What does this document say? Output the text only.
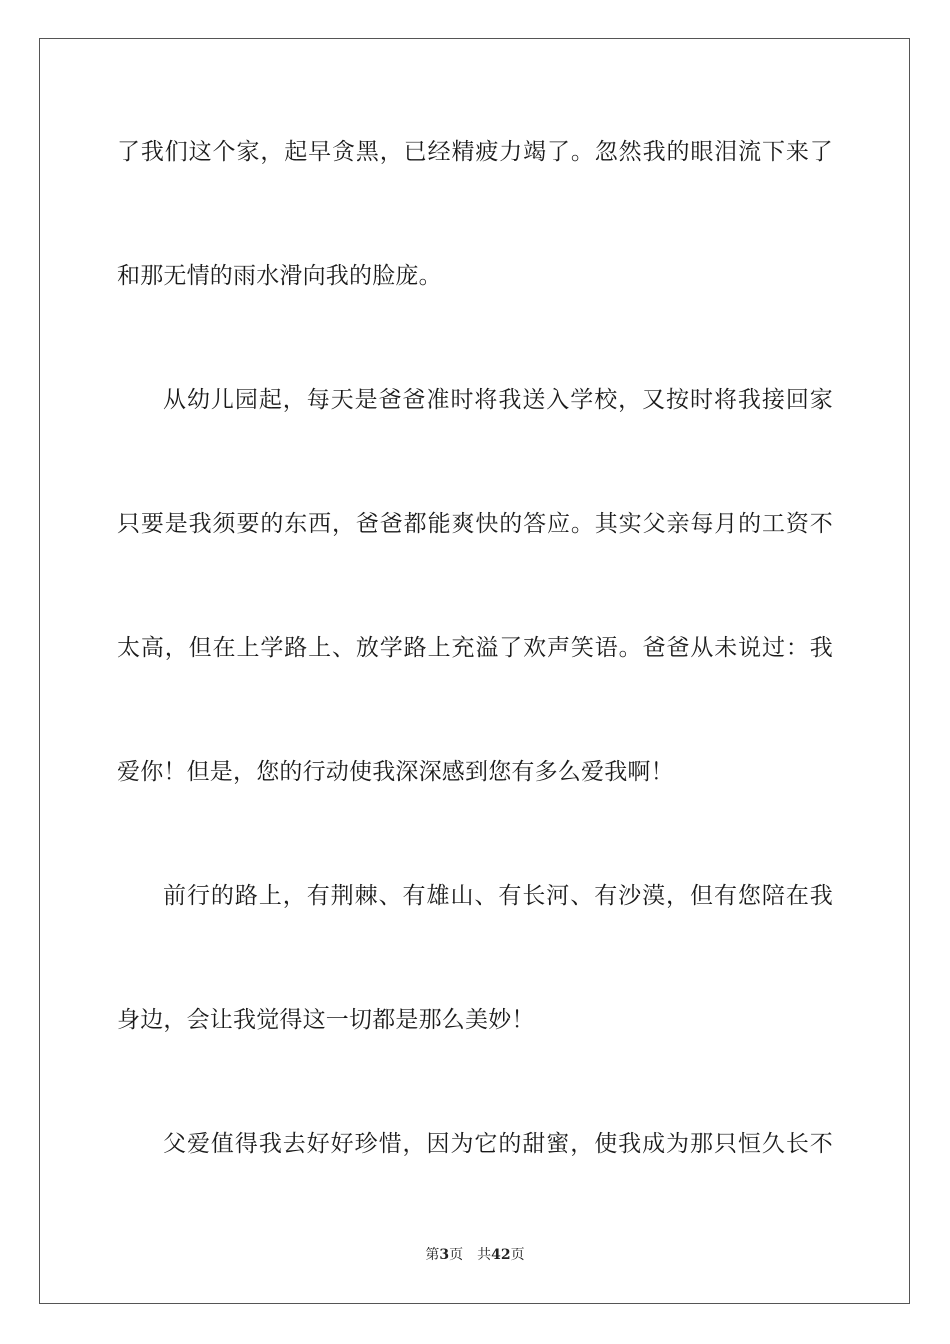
了我们这个家，起早贪黑，已经精疲力竭了。忽然我的眼泪流下来了
和那无情的雨水滑向我的脸庞。
从幼儿园起，每天是爸爸准时将我送入学校，又按时将我接回家
只要是我须要的东西，爸爸都能爽快的答应。其实父亲每月的工资不
太高，但在上学路上、放学路上充溢了欢声笑语。爸爸从未说过：我
爱你！但是，您的行动使我深深感到您有多么爱我啊！
前行的路上，有荆棘、有雄山、有长河、有沙漠，但有您陪在我
身边，会让我觉得这一切都是那么美妙！
父爱值得我去好好珍惜，因为它的甜蜜，使我成为那只恒久长不
第3页 共42页
